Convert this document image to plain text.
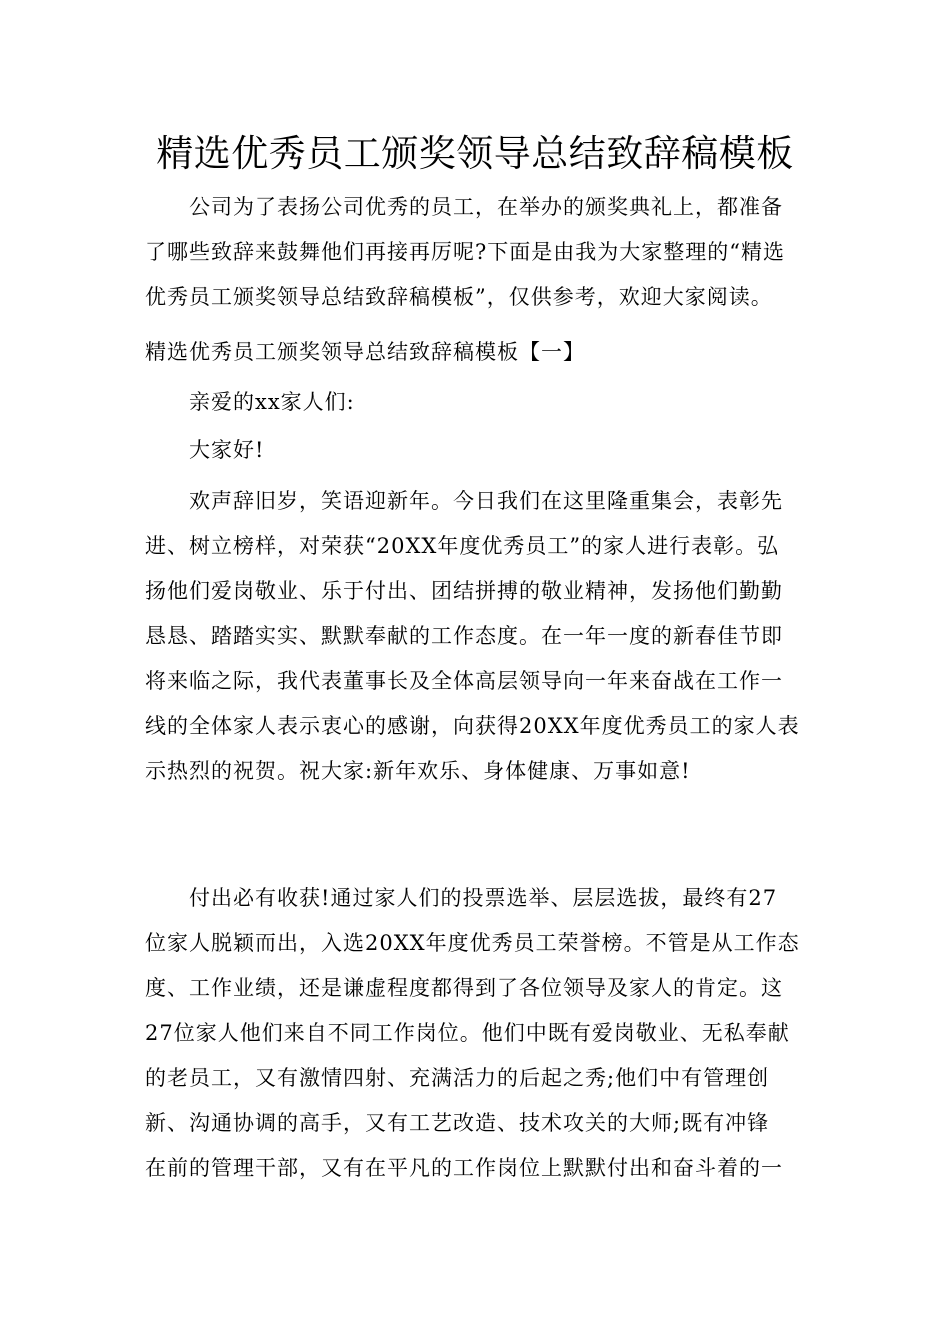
精选优秀员工颁奖领导总结致辞稿模板
公司为了表扬公司优秀的员工，在举办的颁奖典礼上，都准备
了哪些致辞来鼓舞他们再接再厉呢?下面是由我为大家整理的“精选
优秀员工颁奖领导总结致辞稿模板”，仅供参考，欢迎大家阅读。
精选优秀员工颁奖领导总结致辞稿模板【一】
亲爱的xx家人们:
大家好!
欢声辞旧岁，笑语迎新年。今日我们在这里隆重集会，表彰先
进、树立榜样，对荣获“20XX年度优秀员工”的家人进行表彰。弘
扬他们爱岗敬业、乐于付出、团结拼搏的敬业精神，发扬他们勤勤
恳恳、踏踏实实、默默奉献的工作态度。在一年一度的新春佳节即
将来临之际，我代表董事长及全体高层领导向一年来奋战在工作一
线的全体家人表示衷心的感谢，向获得20XX年度优秀员工的家人表
示热烈的祝贺。祝大家:新年欢乐、身体健康、万事如意!
付出必有收获!通过家人们的投票选举、层层选拔，最终有27
位家人脱颖而出，入选20XX年度优秀员工荣誉榜。不管是从工作态
度、工作业绩，还是谦虚程度都得到了各位领导及家人的肯定。这
27位家人他们来自不同工作岗位。他们中既有爱岗敬业、无私奉献
的老员工，又有激情四射、充满活力的后起之秀;他们中有管理创
新、沟通协调的高手，又有工艺改造、技术攻关的大师;既有冲锋
在前的管理干部，又有在平凡的工作岗位上默默付出和奋斗着的一
